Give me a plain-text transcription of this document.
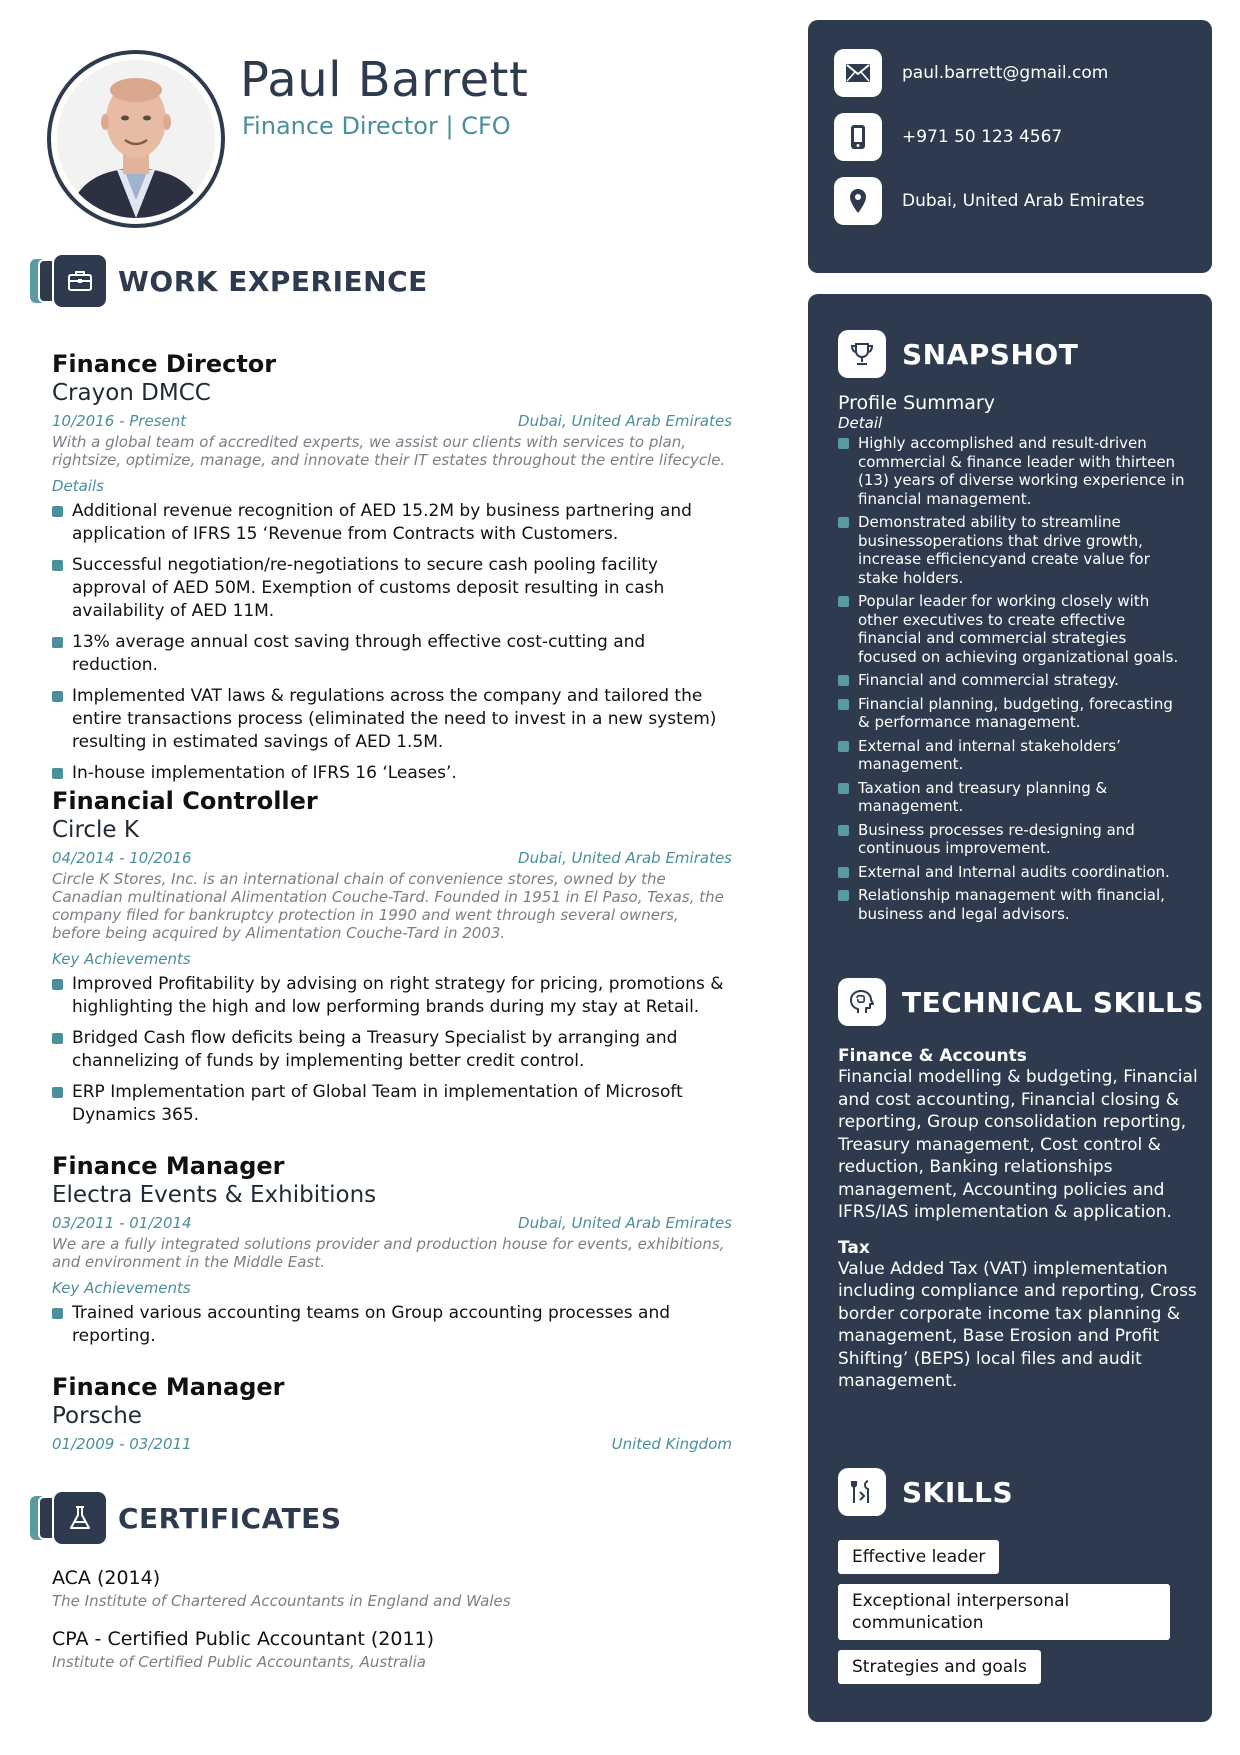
Paul Barrett
Finance Director | CFO
WORK EXPERIENCE
Finance Director
Crayon DMCC
10/2016 - Present	Dubai, United Arab Emirates
With a global team of accredited experts, we assist our clients with services to plan, rightsize, optimize, manage, and innovate their IT estates throughout the entire lifecycle.
Details
Additional revenue recognition of AED 15.2M by business partnering and application of IFRS 15 ‘Revenue from Contracts with Customers.
Successful negotiation/re-negotiations to secure cash pooling facility approval of AED 50M. Exemption of customs deposit resulting in cash availability of AED 11M.
13% average annual cost saving through effective cost-cutting and reduction.
Implemented VAT laws & regulations across the company and tailored the entire transactions process (eliminated the need to invest in a new system) resulting in estimated savings of AED 1.5M.
In-house implementation of IFRS 16 ‘Leases’.
Financial Controller
Circle K
04/2014 - 10/2016	Dubai, United Arab Emirates
Circle K Stores, Inc. is an international chain of convenience stores, owned by the Canadian multinational Alimentation Couche-Tard. Founded in 1951 in El Paso, Texas, the company filed for bankruptcy protection in 1990 and went through several owners, before being acquired by Alimentation Couche-Tard in 2003.
Key Achievements
Improved Profitability by advising on right strategy for pricing, promotions & highlighting the high and low performing brands during my stay at Retail.
Bridged Cash flow deficits being a Treasury Specialist by arranging and channelizing of funds by implementing better credit control.
ERP Implementation part of Global Team in implementation of Microsoft Dynamics 365.
Finance Manager
Electra Events & Exhibitions
03/2011 - 01/2014	Dubai, United Arab Emirates
We are a fully integrated solutions provider and production house for events, exhibitions, and environment in the Middle East.
Key Achievements
Trained various accounting teams on Group accounting processes and reporting.
Finance Manager
Porsche
01/2009 - 03/2011	United Kingdom
CERTIFICATES
ACA (2014)
The Institute of Chartered Accountants in England and Wales
CPA - Certified Public Accountant (2011)
Institute of Certified Public Accountants, Australia
paul.barrett@gmail.com
+971 50 123 4567
Dubai, United Arab Emirates
SNAPSHOT
Profile Summary
Detail
Highly accomplished and result-driven commercial & finance leader with thirteen (13) years of diverse working experience in financial management.
Demonstrated ability to streamline businessoperations that drive growth, increase efficiencyand create value for stake holders.
Popular leader for working closely with other executives to create effective financial and commercial strategies focused on achieving organizational goals.
Financial and commercial strategy.
Financial planning, budgeting, forecasting & performance management.
External and internal stakeholders’ management.
Taxation and treasury planning & management.
Business processes re-designing and continuous improvement.
External and Internal audits coordination.
Relationship management with financial, business and legal advisors.
TECHNICAL SKILLS
Finance & Accounts
Financial modelling & budgeting, Financial and cost accounting, Financial closing & reporting, Group consolidation reporting, Treasury management, Cost control & reduction, Banking relationships management, Accounting policies and IFRS/IAS implementation & application.
Tax
Value Added Tax (VAT) implementation including compliance and reporting, Cross border corporate income tax planning & management, Base Erosion and Profit Shifting’ (BEPS) local files and audit management.
SKILLS
Effective leader
Exceptional interpersonal communication
Strategies and goals
